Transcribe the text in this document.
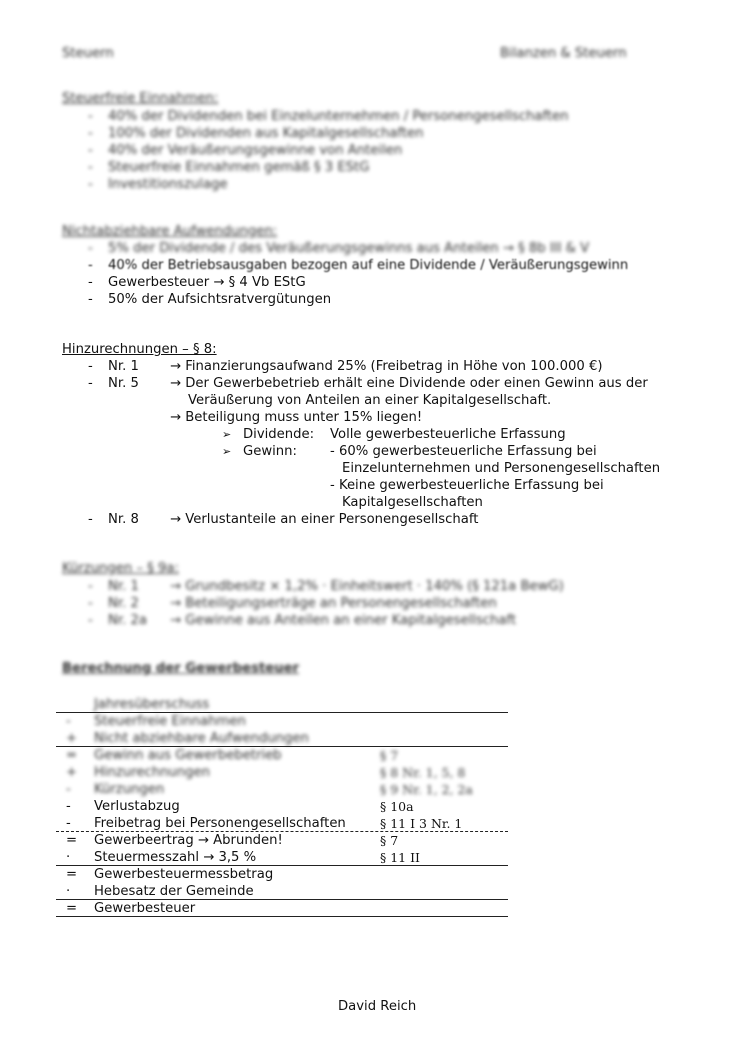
Steuern	Bilanzen & Steuern
Steuerfreie Einnahmen:
- 40% der Dividenden bei Einzelunternehmen / Personengesellschaften
- 100% der Dividenden aus Kapitalgesellschaften
- 40% der Veräußerungsgewinne von Anteilen
- Steuerfreie Einnahmen gemäß § 3 EStG
- Investitionszulage
Nichtabziehbare Aufwendungen:
- 5% der Dividende / des Veräußerungsgewinns aus Anteilen → § 8b III & V
- 40% der Betriebsausgaben bezogen auf eine Dividende / Veräußerungsgewinn
- Gewerbesteuer → § 4 Vb EStG
- 50% der Aufsichtsratvergütungen
Hinzurechnungen – § 8:
- Nr. 1 → Finanzierungsaufwand 25% (Freibetrag in Höhe von 100.000 €)
- Nr. 5 → Der Gewerbebetrieb erhält eine Dividende oder einen Gewinn aus der
Veräußerung von Anteilen an einer Kapitalgesellschaft.
→ Beteiligung muss unter 15% liegen!
➢ Dividende: Volle gewerbesteuerliche Erfassung
➢ Gewinn:	- 60% gewerbesteuerliche Erfassung bei
Einzelunternehmen und Personengesellschaften
- Keine gewerbesteuerliche Erfassung bei
Kapitalgesellschaften
- Nr. 8 → Verlustanteile an einer Personengesellschaft
Kürzungen – § 9a:
- Nr. 1 → Grundbesitz × 1,2% · Einheitswert · 140% (§ 121a BewG)
- Nr. 2 → Beteiligungserträge an Personengesellschaften
- Nr. 2a → Gewinne aus Anteilen an einer Kapitalgesellschaft
Berechnung der Gewerbesteuer
Jahresüberschuss
- Steuerfreie Einnahmen
+ Nicht abziehbare Aufwendungen
= Gewinn aus Gewerbebetrieb	§ 7
+ Hinzurechnungen	§ 8 Nr. 1, 5, 8
- Kürzungen	§ 9 Nr. 1, 2, 2a
- Verlustabzug	§ 10a
- Freibetrag bei Personengesellschaften	§ 11 I 3 Nr. 1
= Gewerbeertrag → Abrunden!	§ 7
· Steuermesszahl → 3,5 %	§ 11 II
= Gewerbesteuermessbetrag
· Hebesatz der Gemeinde
= Gewerbesteuer
David Reich
